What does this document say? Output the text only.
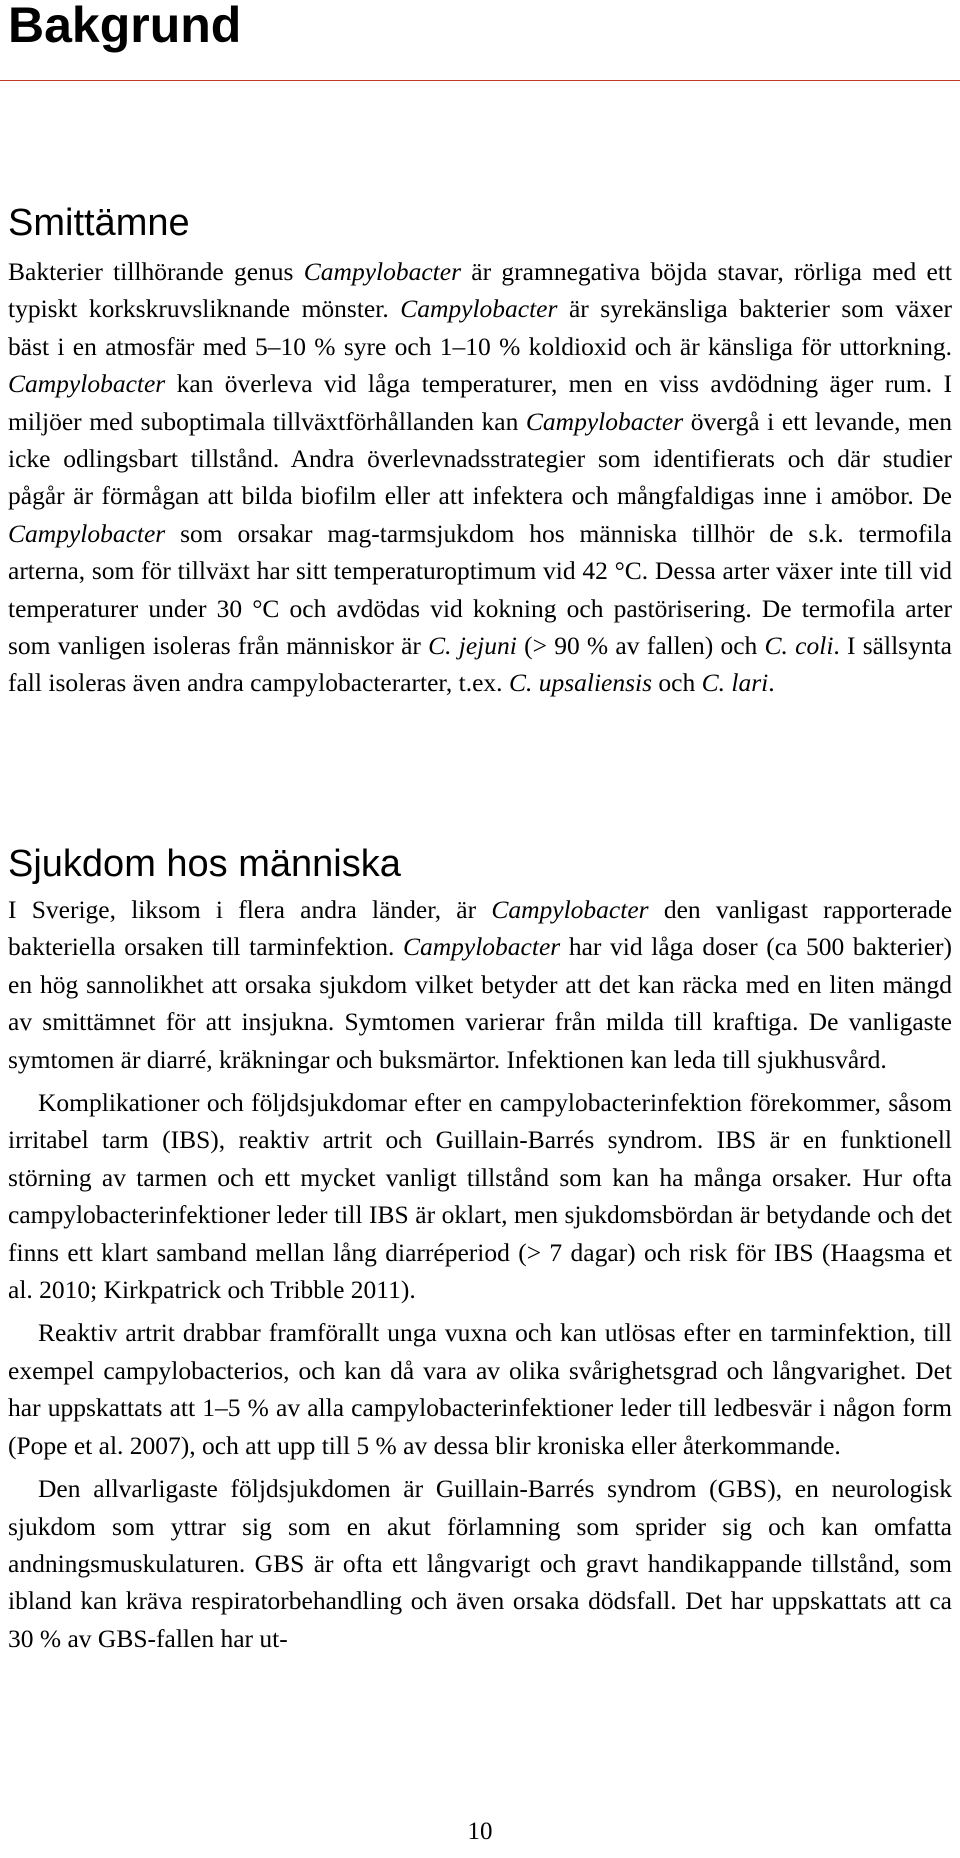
Bakgrund
Smittämne

Bakterier tillhörande genus Campylobacter är gramnegativa böjda stavar, rörliga med ett typiskt korkskruvsliknande mönster. Campylobacter är syrekänsliga bakterier som växer bäst i en atmosfär med 5–10 % syre och 1–10 % koldioxid och är känsliga för uttorkning. Campylobacter kan överleva vid låga temperaturer, men en viss avdödning äger rum. I miljöer med suboptimala tillväxtförhållanden kan Campylobacter övergå i ett levande, men icke odlingsbart tillstånd. Andra överlevnadsstrategier som identifierats och där studier pågår är förmågan att bilda biofilm eller att infektera och mångfaldigas inne i amöbor. De Campylobacter som orsakar mag-tarmsjukdom hos människa tillhör de s.k. termofila arterna, som för tillväxt har sitt temperaturoptimum vid 42 °C. Dessa arter växer inte till vid temperaturer under 30 °C och avdödas vid kokning och pastörisering. De termofila arter som vanligen isoleras från människor är C. jejuni (> 90 % av fallen) och C. coli. I sällsynta fall isoleras även andra campylobacterarter, t.ex. C. upsaliensis och C. lari.

Sjukdom hos människa

I Sverige, liksom i flera andra länder, är Campylobacter den vanligast rapporterade bakteriella orsaken till tarminfektion. Campylobacter har vid låga doser (ca 500 bakterier) en hög sannolikhet att orsaka sjukdom vilket betyder att det kan räcka med en liten mängd av smittämnet för att insjukna. Symtomen varierar från milda till kraftiga. De vanligaste symtomen är diarré, kräkningar och buksmärtor. Infektionen kan leda till sjukhusvård.

Komplikationer och följdsjukdomar efter en campylobacterinfektion förekommer, såsom irritabel tarm (IBS), reaktiv artrit och Guillain-Barrés syndrom. IBS är en funktionell störning av tarmen och ett mycket vanligt tillstånd som kan ha många orsaker. Hur ofta campylobacterinfektioner leder till IBS är oklart, men sjukdomsbördan är betydande och det finns ett klart samband mellan lång diarréperiod (> 7 dagar) och risk för IBS (Haagsma et al. 2010; Kirkpatrick och Tribble 2011).

Reaktiv artrit drabbar framförallt unga vuxna och kan utlösas efter en tarminfektion, till exempel campylobacterios, och kan då vara av olika svårighetsgrad och långvarighet. Det har uppskattats att 1–5 % av alla campylobacterinfektioner leder till ledbesvär i någon form (Pope et al. 2007), och att upp till 5 % av dessa blir kroniska eller återkommande.

Den allvarligaste följdsjukdomen är Guillain-Barrés syndrom (GBS), en neurologisk sjukdom som yttrar sig som en akut förlamning som sprider sig och kan omfatta andningsmuskulaturen. GBS är ofta ett långvarigt och gravt handikappande tillstånd, som ibland kan kräva respiratorbehandling och även orsaka dödsfall. Det har uppskattats att ca 30 % av GBS-fallen har ut-

10
